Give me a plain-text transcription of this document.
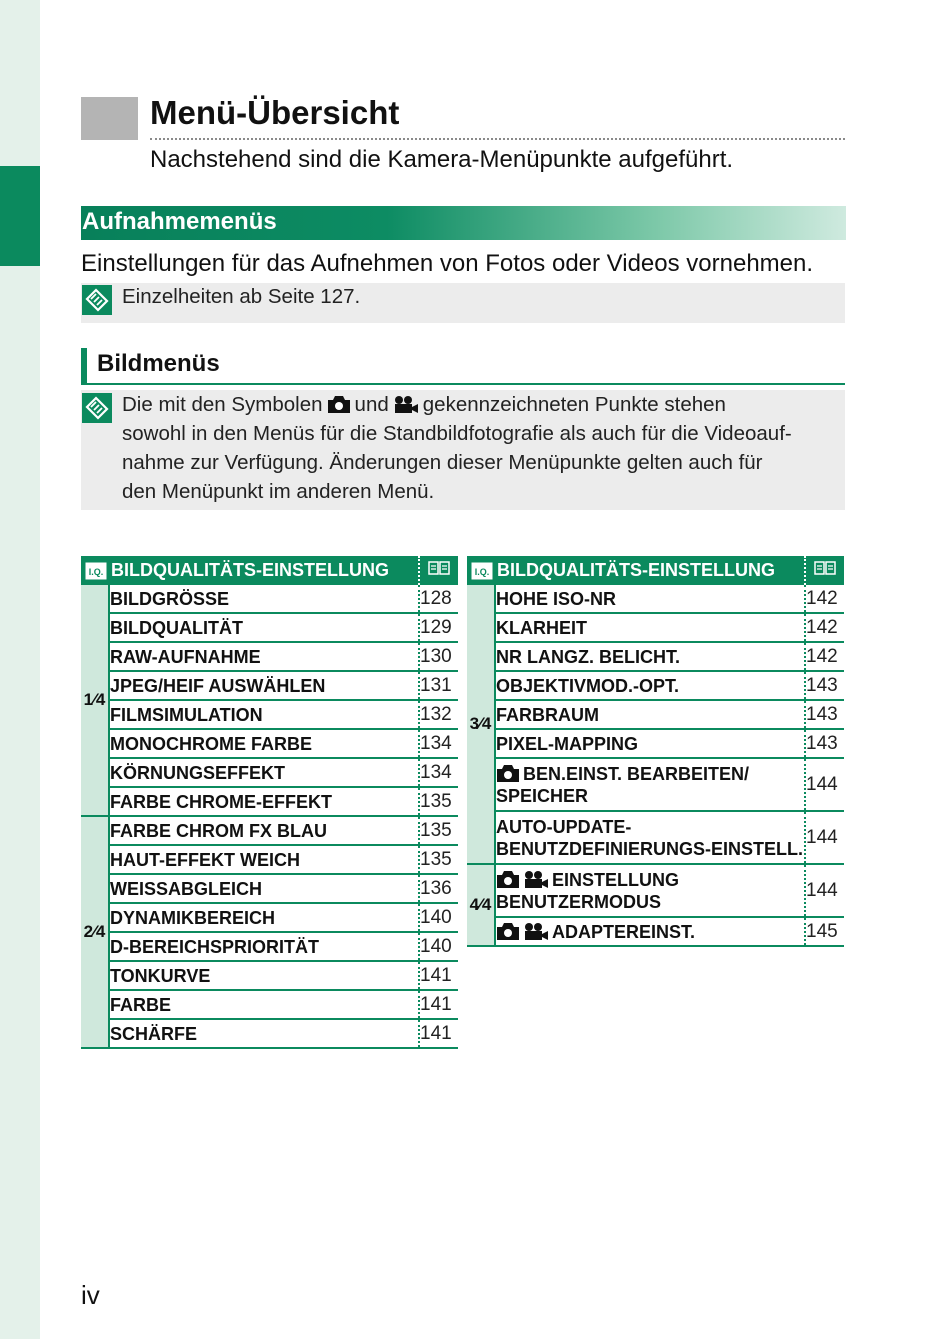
Menü-Übersicht
Nachstehend sind die Kamera-Menüpunkte aufgeführt.
Aufnahmemenüs
Einstellungen für das Aufnehmen von Fotos oder Videos vornehmen.
Einzelheiten ab Seite 127.
Bildmenüs
Die mit den Symbolen und gekennzeichneten Punkte stehen
sowohl in den Menüs für die Standbildfotografie als auch für die Videoauf-
nahme zur Verfügung. Änderungen dieser Menüpunkte gelten auch für
den Menüpunkt im anderen Menü.
I.Q. BILDQUALITÄTS-EINSTELLUNG	
1⁄4	BILDGRÖSSE	128
	BILDQUALITÄT	129
	RAW-AUFNAHME	130
	JPEG/HEIF AUSWÄHLEN	131
	FILMSIMULATION	132
	MONOCHROME FARBE	134
	KÖRNUNGSEFFEKT	134
	FARBE CHROME-EFFEKT	135
2⁄4	FARBE CHROM FX BLAU	135
	HAUT-EFFEKT WEICH	135
	WEISSABGLEICH	136
	DYNAMIKBEREICH	140
	D-BEREICHSPRIORITÄT	140
	TONKURVE	141
	FARBE	141
	SCHÄRFE	141
I.Q. BILDQUALITÄTS-EINSTELLUNG	
3⁄4	HOHE ISO-NR	142
	KLARHEIT	142
	NR LANGZ. BELICHT.	142
	OBJEKTIVMOD.-OPT.	143
	FARBRAUM	143
	PIXEL-MAPPING	143

	BEN.EINST. BEARBEITEN/
SPEICHER	144

	AUTO-UPDATE-
BENUTZDEFINIERUNGS-EINSTELL.	144
4⁄4	EINSTELLUNG
BENUTZERMODUS	144
	ADAPTEREINST.	145
iv
